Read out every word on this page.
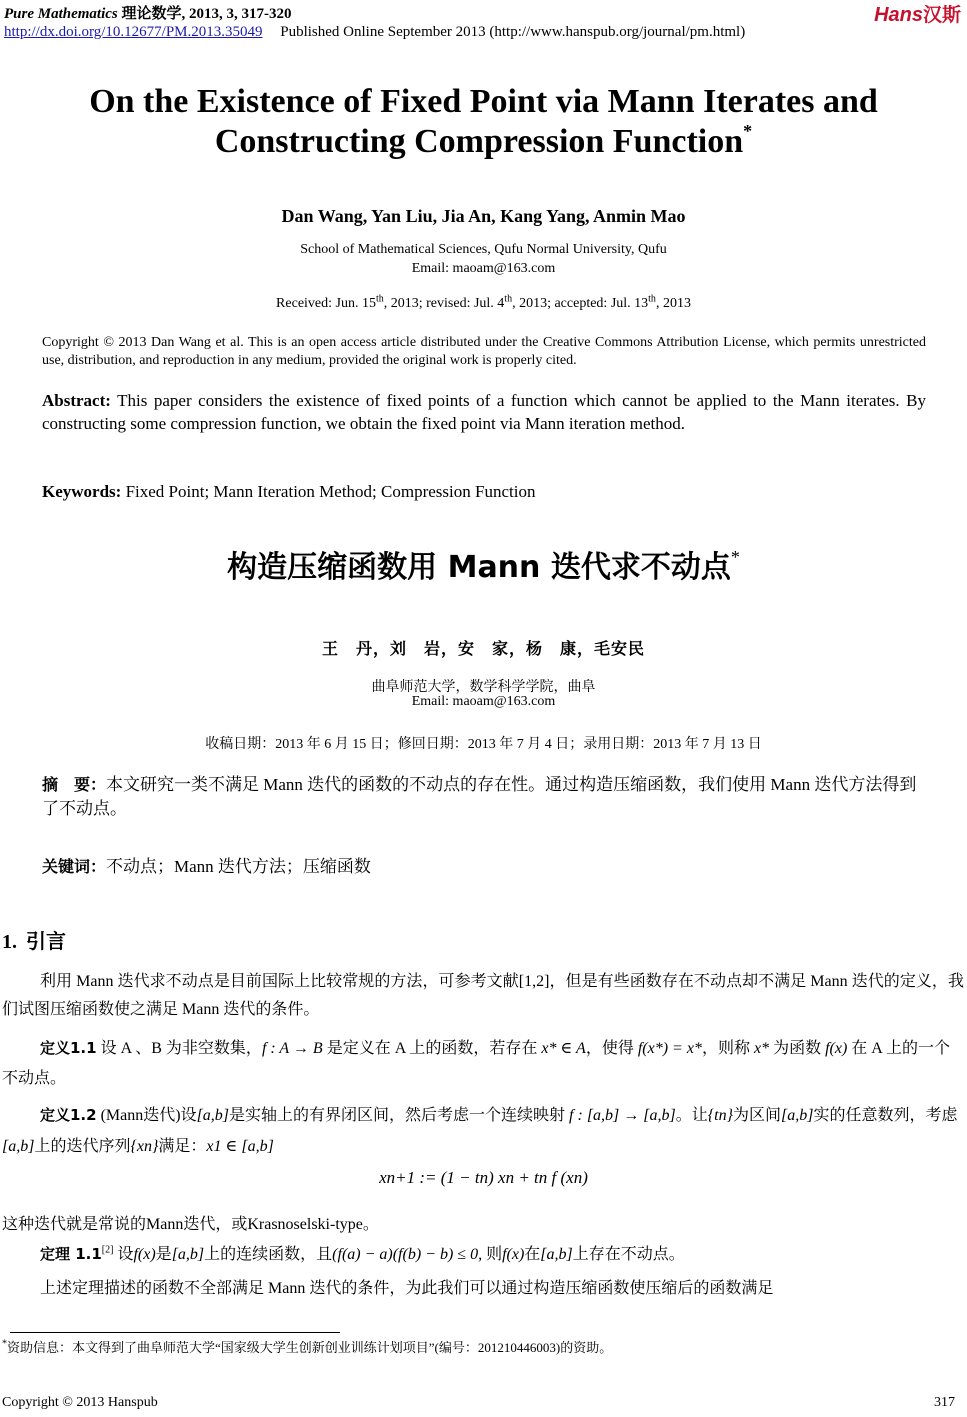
Pure Mathematics 理论数学, 2013, 3, 317-320
http://dx.doi.org/10.12677/PM.2013.35049 Published Online September 2013 (http://www.hanspub.org/journal/pm.html)
Hans汉斯
On the Existence of Fixed Point via Mann Iterates and
Constructing Compression Function*
Dan Wang, Yan Liu, Jia An, Kang Yang, Anmin Mao
School of Mathematical Sciences, Qufu Normal University, Qufu
Email: maoam@163.com
Received: Jun. 15th, 2013; revised: Jul. 4th, 2013; accepted: Jul. 13th, 2013
Copyright © 2013 Dan Wang et al. This is an open access article distributed under the Creative Commons Attribution License, which permits unrestricted use, distribution, and reproduction in any medium, provided the original work is properly cited.
Abstract: This paper considers the existence of fixed points of a function which cannot be applied to the Mann iterates. By constructing some compression function, we obtain the fixed point via Mann iteration method.
Keywords: Fixed Point; Mann Iteration Method; Compression Function
构造压缩函数用 Mann 迭代求不动点*
王　丹，刘　岩，安　家，杨　康，毛安民
曲阜师范大学，数学科学学院，曲阜
Email: maoam@163.com
收稿日期：2013 年 6 月 15 日；修回日期：2013 年 7 月 4 日；录用日期：2013 年 7 月 13 日
摘　要：本文研究一类不满足 Mann 迭代的函数的不动点的存在性。通过构造压缩函数，我们使用 Mann 迭代方法得到了不动点。
关键词：不动点；Mann 迭代方法；压缩函数
1. 引言
利用 Mann 迭代求不动点是目前国际上比较常规的方法，可参考文献[1,2]，但是有些函数存在不动点却不满足 Mann 迭代的定义，我们试图压缩函数使之满足 Mann 迭代的条件。
定义1.1 设 A 、B 为非空数集，f : A → B 是定义在 A 上的函数，若存在 x* ∈ A，使得 f(x*) = x*，则称 x* 为函数 f(x) 在 A 上的一个不动点。
定义1.2 (Mann迭代)设[a,b]是实轴上的有界闭区间，然后考虑一个连续映射 f : [a,b] → [a,b]。让{tn}为区间[a,b]实的任意数列，考虑[a,b]上的迭代序列{xn}满足：x1 ∈ [a,b]
xn+1 := (1 − tn) xn + tn f (xn)
这种迭代就是常说的Mann迭代，或Krasnoselski-type。
定理 1.1[2] 设f(x)是[a,b]上的连续函数，且(f(a) − a)(f(b) − b) ≤ 0, 则f(x)在[a,b]上存在不动点。
上述定理描述的函数不全部满足 Mann 迭代的条件，为此我们可以通过构造压缩函数使压缩后的函数满足
*资助信息：本文得到了曲阜师范大学“国家级大学生创新创业训练计划项目”(编号：201210446003)的资助。
Copyright © 2013 Hanspub	317
